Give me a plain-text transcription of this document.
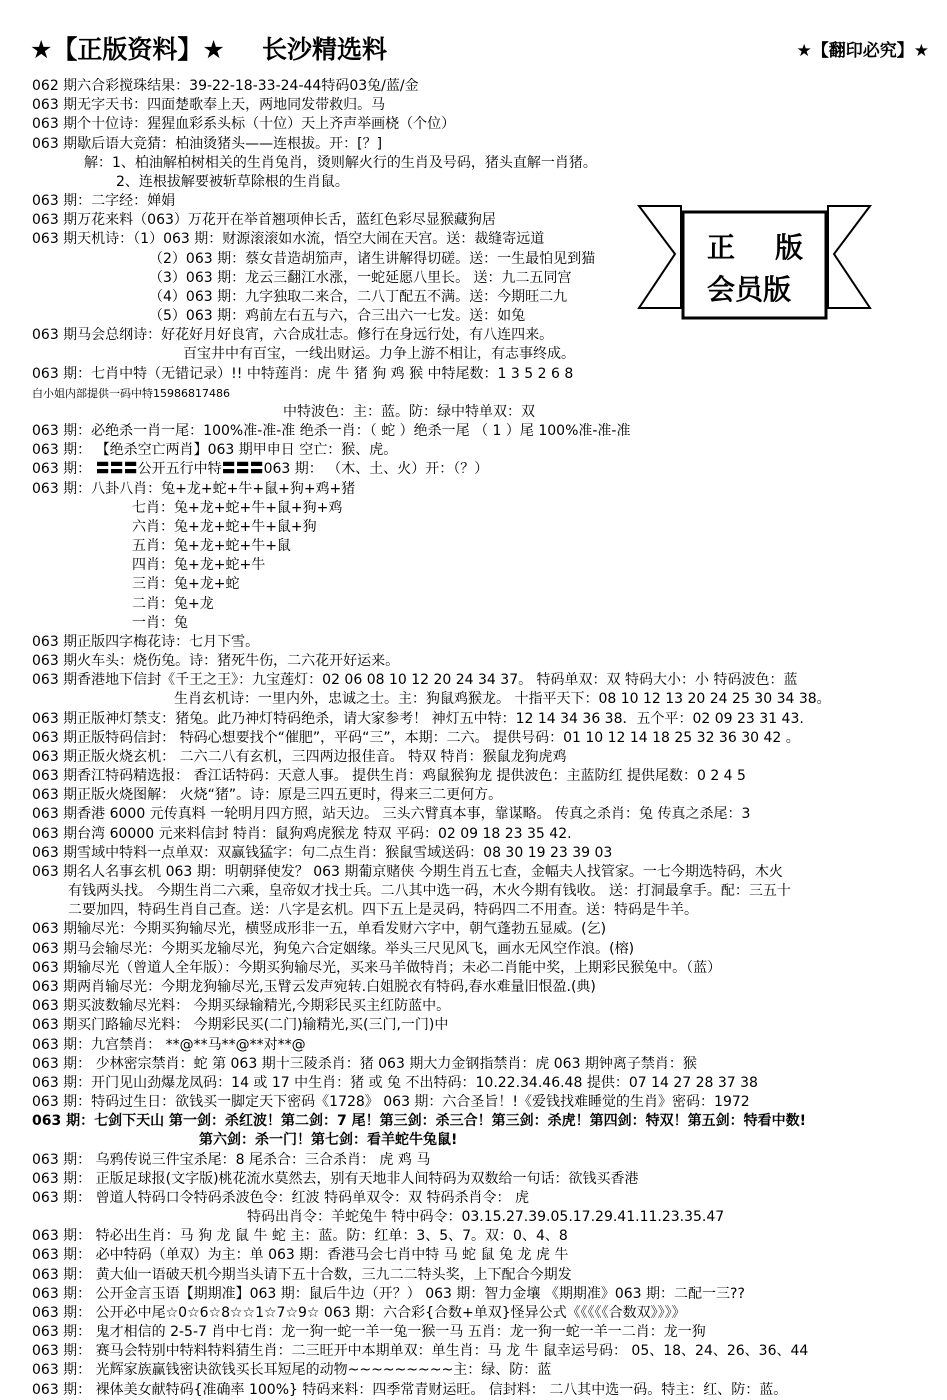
★【正版资料】★ 长沙精选料	★【翻印必究】★
062 期六合彩搅珠结果：39-22-18-33-24-44特码03兔/蓝/金
063 期无字天书：四面楚歌奉上天，两地同发带救归。马
063 期个十位诗：猩猩血彩系头标（十位）天上齐声举画桡（个位）
063 期歇后语大竞猜：柏油烫猪头——连根拔。开：[？]
解：1、柏油解柏树相关的生肖兔肖，烫则解火行的生肖及号码，猪头直解一肖猪。
2、连根拔解要被斩草除根的生肖鼠。
063 期：二字经：婵娟
063 期万花来料（063）万花开在举首翘项伸长舌，蓝红色彩尽显猴藏狗居
063 期天机诗：（1）063 期：财源滚滚如水流，悟空大闹在天宫。送：裁缝寄远道
（2）063 期：蔡女昔造胡笳声，诸生讲解得切磋。送：一生最怕见到猫
（3）063 期：龙云三翻江水涨，一蛇延愿八里长。 送：九二五同宫
（4）063 期：九字独取二来合，二八丁配五不满。送：今期旺二九
（5）063 期：鸡前左右五与六，合三出六一七发。送：如兔
063 期马会总纲诗：好花好月好良宵，六合成壮志。修行在身远行处，有八连四来。
百宝井中有百宝，一线出财运。力争上游不相让，有志事终成。
063 期：七肖中特（无错记录）!! 中特莲肖：虎 牛 猪 狗 鸡 猴 中特尾数：1 3 5 2 6 8
白小姐内部提供一码中特15986817486
中特波色：主：蓝。防：绿中特单双：双
063 期：必绝杀一肖一尾：100%准-准-准 绝杀一肖：（ 蛇 ）绝杀一尾 （ 1 ）尾 100%准-准-准
063 期： 【绝杀空亡两肖】063 期甲申日 空亡：猴、虎。
063 期： 〓〓〓公开五行中特〓〓〓063 期： （木、土、火）开：（？）
063 期：八卦八肖：兔+龙+蛇+牛+鼠+狗+鸡+猪
七肖：兔+龙+蛇+牛+鼠+狗+鸡
六肖：兔+龙+蛇+牛+鼠+狗
五肖：兔+龙+蛇+牛+鼠
四肖：兔+龙+蛇+牛
三肖：兔+龙+蛇
二肖：兔+龙
一肖：兔
063 期正版四字梅花诗：七月下雪。
063 期火车头：烧伤兔。诗：猪死牛伤，二六花开好运来。
063 期香港地下信封《千王之王》：九宝莲灯：02 06 08 10 12 20 24 34 37。 特码单双：双 特码大小：小 特码波色：蓝
生肖玄机诗：一里内外，忠诚之士。主：狗鼠鸡猴龙。 十指平天下：08 10 12 13 20 24 25 30 34 38。
063 期正版神灯禁支：猪兔。此乃神灯特码绝杀，请大家参考！ 神灯五中特：12 14 34 36 38．五个平：02 09 23 31 43.
063 期正版特码信封： 特码心想要找个“催肥”，平码“三”，本期：二六。 提供号码：01 10 12 14 18 25 32 36 30 42 。
063 期正版火烧玄机： 二六二八有玄机，三四两边报佳音。 特双 特肖：猴鼠龙狗虎鸡
063 期香江特码精选报： 香江话特码：天意人事。 提供生肖：鸡鼠猴狗龙 提供波色：主蓝防红 提供尾数：0 2 4 5
063 期正版火烧图解： 火烧“猪”。诗：原是三四五更时，得来三二更何方。
063 期香港 6000 元传真料 一轮明月四方照，站天边。 三头六臂真本事，靠谋略。 传真之杀肖：兔 传真之杀尾：3
063 期台湾 60000 元来料信封 特肖：鼠狗鸡虎猴龙 特双 平码：02 09 18 23 35 42.
063 期雪域中特料一点单双：双赢钱猛字：句二点生肖：猴鼠雪域送码：08 30 19 23 39 03
063 期名人名事玄机 063 期：明朝驿使发？ 063 期葡京赌侠 今期生肖五七查，金幅夫人找管家。一七今期选特码，木火
有钱两头找。 今期生肖二六乘，皇帝奴才找士兵。二八其中选一码，木火今期有钱收。 送：打洞最拿手。配：三五十
二要加四，特码生肖自己查。送：八字是玄机。四下五上是灵码，特码四二不用查。送：特码是牛羊。
063 期输尽光：今期买狗输尽光，横竖成形非一五，单看发财六字中，朝气蓬勃五显威。(乞)
063 期马会输尽光：今期买龙输尽光，狗兔六合定姻缘。举头三尺见风飞，画水无风空作浪。(榕)
063 期输尽光（曾道人全年版）：今期买狗输尽光，买来马羊做特肖；未必二肖能中奖，上期彩民猴兔中。（蓝）
063 期两肖输尽光：今期龙狗输尽光,玉臂云发声宛转.白姐脱衣有特码,春水难量旧恨盈.(典)
063 期买波数输尽光料： 今期买绿输精光,今期彩民买主红防蓝中。
063 期买门路输尽光料： 今期彩民买(二门)输精光,买(三门,一门)中
063 期：九宫禁肖： **@**马**@**对**@
063 期： 少林密宗禁肖：蛇 第 063 期十三陵杀肖：猪 063 期大力金钢指禁肖：虎 063 期钟离子禁肖：猴
063 期：开门见山劲爆龙凤码：14 或 17 中生肖：猪 或 兔 不出特码：10.22.34.46.48 提供：07 14 27 28 37 38
063 期：特码过生日：欲钱买一脚定天下密码《1728》 063 期：六合圣旨！!《爱钱找难睡觉的生肖》密码：1972
063 期：七剑下天山 第一剑：杀红波！第二剑：7 尾！第三剑：杀三合！第三剑：杀虎！第四剑：特双！第五剑：特看中数!
第六剑：杀一门！第七剑：看羊蛇牛兔鼠!
063 期： 乌鸦传说三件宝杀尾：8 尾杀合：三合杀肖： 虎 鸡 马
063 期： 正版足球报(文字版)桃花流水莫然去，别有天地非人间特码为双数给一句话：欲钱买香港
063 期： 曾道人特码口令特码杀波色令：红波 特码单双令：双 特码杀肖令： 虎
特码出肖令：羊蛇兔牛 特中码令：03.15.27.39.05.17.29.41.11.23.35.47
063 期： 特必出生肖：马 狗 龙 鼠 牛 蛇 主：蓝。防：红单：3、5、7。双：0、4、8
063 期： 必中特码（单双）为主：单 063 期：香港马会七肖中特 马 蛇 鼠 兔 龙 虎 牛
063 期： 黄大仙一语破天机今期当头请下五十合数，三九二二特头奖，上下配合今期发
063 期： 公开金言玉语【期期准】063 期：鼠后牛边（开？） 063 期：智力金壤 《期期准》063 期：二配一三??
063 期： 公开必中尾☆0☆6☆8☆☆1☆7☆9☆ 063 期：六合彩{合数+单双}怪异公式《《《《《合数双》》》》
063 期： 鬼才相信的 2-5-7 肖中七肖：龙一狗一蛇一羊一兔一猴一马 五肖：龙一狗一蛇一羊一二肖：龙一狗
063 期： 赛马会特别中特料特料猜生肖：二三旺开中本期单双：单生肖：马 龙 牛 鼠幸运号码： 05、18、24、26、36、44
063 期： 光辉家族赢钱密诀欲钱买长耳短尾的动物~~~~~~~~~主：绿、防：蓝
063 期： 裸体美女献特码{准确率 100%} 特码来料：四季常青财运旺。 信封料： 二八其中选一码。特主：红、防：蓝。
正 版
会员版
